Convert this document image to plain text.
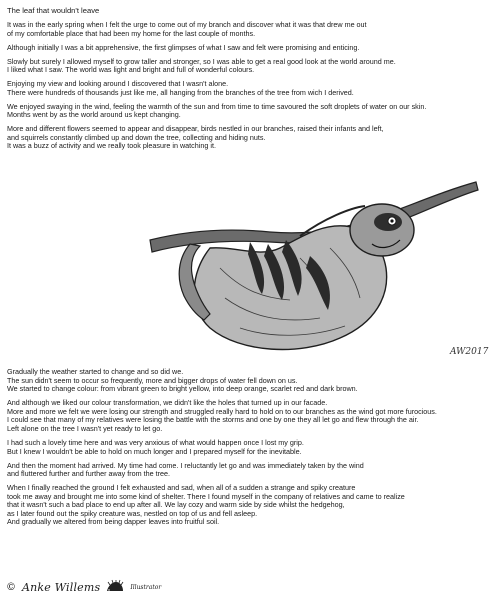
The leaf that wouldn't leave
It was in the early spring when I felt the urge to come out of my branch and discover what it was that drew me out
of my comfortable place that had been my home for the last couple of months.
Although initially I was a bit apprehensive, the first glimpses of what I saw and felt were promising and enticing.
Slowly but surely I allowed myself to grow taller and stronger, so I was able to get a real good look at the world around me.
I liked what I saw. The world was light and bright and full of wonderful colours.
Enjoying my view and looking around I discovered that I wasn't alone.
There were hundreds of thousands just like me, all hanging from the branches of the tree from wich I derived.
We enjoyed swaying in the wind, feeling the warmth of the sun and from time to time savoured the soft droplets of water on our skin.
Months went by as the world around us kept changing.
More and different flowers seemed to appear and disappear, birds nestled in our branches, raised their infants and left,
and squirrels constantly climbed up and down the tree, collecting and hiding nuts.
It was a buzz of activity and we really took pleasure in watching it.
AW2017
Gradually the weather started to change and so did we.
The sun didn't seem to occur so frequently, more and bigger drops of water fell down on us.
We started to change colour: from vibrant green to bright yellow, into deep orange, scarlet red and dark brown.
And although we liked our colour transformation, we didn't like the holes that turned up in our facade.
More and more we felt we were losing our strength and struggled really hard to hold on to our branches as the wind got more furocious.
I could see that many of my relatives were losing the battle with the storms and one by one they all let go and flew through the air.
Left alone on the tree I wasn't yet ready to let go.
I had such a lovely time here and was very anxious of what would happen once I lost my grip.
But I knew I wouldn't be able to hold on much longer and I prepared myself for the inevitable.
And then the moment had arrived. My time had come. I reluctantly let go and was immediately taken by the wind
and fluttered further and further away from the tree.
When I finally reached the ground I felt exhausted and sad, when all of a sudden a strange and spiky creature
took me away and brought me into some kind of shelter. There I found myself in the company of relatives and came to realize
that it wasn't such a bad place to end up after all. We lay cozy and warm side by side whilst the hedgehog,
as I later found out the spiky creature was, nestled on top of us and fell asleep.
And gradually we altered from being dapper leaves into fruitful soil.
© Anke Willems	Illustrator
